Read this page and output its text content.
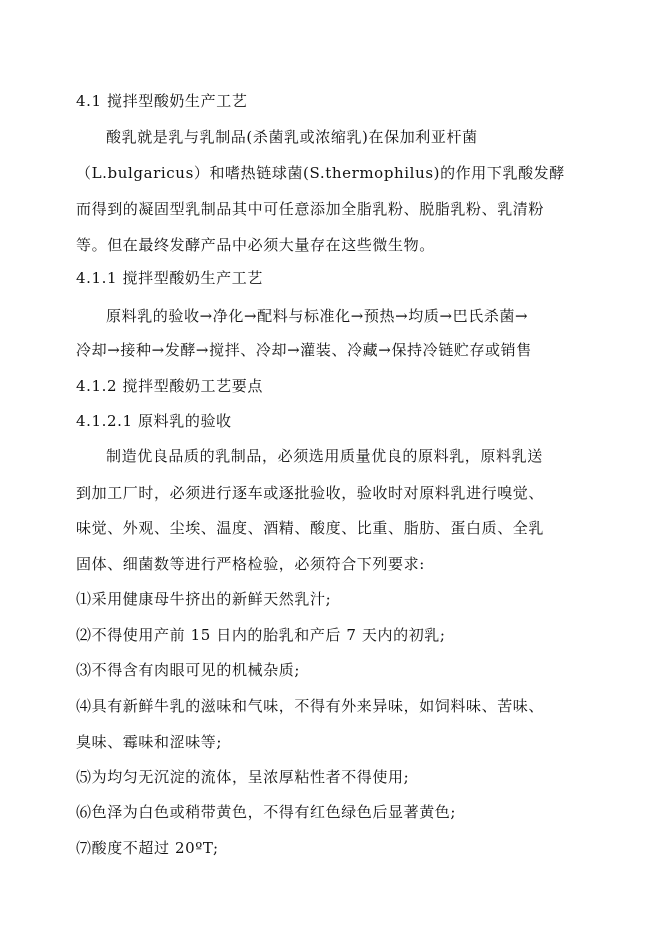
4.1 搅拌型酸奶生产工艺
酸乳就是乳与乳制品(杀菌乳或浓缩乳)在保加利亚杆菌
（L.bulgaricus）和嗜热链球菌(S.thermophilus)的作用下乳酸发酵
而得到的凝固型乳制品其中可任意添加全脂乳粉、脱脂乳粉、乳清粉
等。但在最终发酵产品中必须大量存在这些微生物。
4.1.1 搅拌型酸奶生产工艺
原料乳的验收→净化→配料与标准化→预热→均质→巴氏杀菌→
冷却→接种→发酵→搅拌、冷却→灌装、冷藏→保持冷链贮存或销售
4.1.2 搅拌型酸奶工艺要点
4.1.2.1 原料乳的验收
制造优良品质的乳制品，必须选用质量优良的原料乳，原料乳送
到加工厂时，必须进行逐车或逐批验收，验收时对原料乳进行嗅觉、
味觉、外观、尘埃、温度、酒精、酸度、比重、脂肪、蛋白质、全乳
固体、细菌数等进行严格检验，必须符合下列要求:
⑴采用健康母牛挤出的新鲜天然乳汁;
⑵不得使用产前 15 日内的胎乳和产后 7 天内的初乳;
⑶不得含有肉眼可见的机械杂质;
⑷具有新鲜牛乳的滋味和气味，不得有外来异味，如饲料味、苦味、
臭味、霉味和涩味等;
⑸为均匀无沉淀的流体，呈浓厚粘性者不得使用;
⑹色泽为白色或稍带黄色，不得有红色绿色后显著黄色;
⑺酸度不超过 20ºT;
